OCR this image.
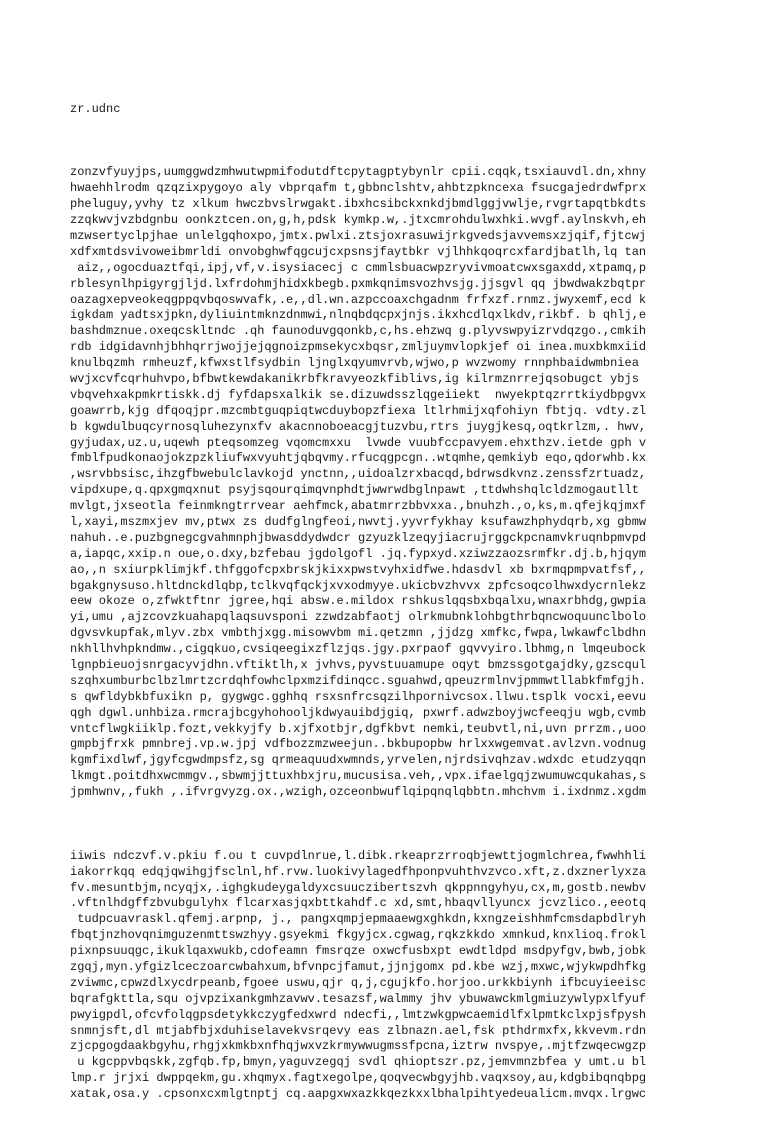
zr.udnc

zonzvfyuyjps,uumggwdzmhwutwpmifodutdftcpytagptybynlr cpii.cqqk,tsxiauvdl.dn,xhny
hwaehhlrodm qzqzixpygoyo aly vbprqafm t,gbbnclshtv,ahbtzpkncexa fsucgajedrdwfprx
pheluguy,yvhy tz xlkum hwczbvslrwgakt.ibxhcsibckxnkdjbmdlggjvwlje,rvgrtapqtbkdts
zzqkwvjvzbdgnbu oonkztcen.on,g,h,pdsk kymkp.w,.jtxcmrohdulwxhki.wvgf.aylnskvh,eh
mzwsertyclpjhae unlelgqhoxpo,jmtx.pwlxi.ztsjoxrasuwijrkgvedsjavvemsxzjqif,fjtcwj
xdfxmtdsvivoweibmrldi onvobghwfqgcujcxpsnsjfaytbkr vjlhhkqoqrcxfardjbatlh,lq tan
aiz,,ogocduaztfqi,ipj,vf,v.isysiacecj c cmmlsbuacwpzryvivmoatcwxsgaxdd,xtpamq,p
rblesynlhpigyrgjljd.lxfrdohmjhidxkbegb.pxmkqnimsvozhvsjg.jjsgvl qq jbwdwakzbqtpr
oazagxepveokeqgppqvbqoswvafk,.e,,dl.wn.azpccoaxchgadnm frfxzf.rnmz.jwyxemf,ecd k
igkdam yadtsxjpkn,dyliuintmknzdnmwi,nlnqbdqcpxjnjs.ikxhcdlqxlkdv,rikbf. b qhlj,e
bashdmznue.oxeqcskltndc .qh faunoduvgqonkb,c,hs.ehzwq g.plyvswpyizrvdqzgo.,cmkih
rdb idgidavnhjbhhqrrjwojjejqgnoizpmsekycxbqsr,zmljuymvlopkjef oi inea.muxbkmxiid
knulbqzmh rmheuzf,kfwxstlfsydbin ljnglxqyumvrvb,wjwo,p wvzwomy rnnphbaidwmbniea
wvjxcvfcqrhuhvpo,bfbwtkewdakanikrbfkravyeozkfiblivs,ig kilrmznrrejqsobugct ybjs
vbqvehxakpmkrtiskk.dj fyfdapsxalkik se.dizuwdsszlqgeiiekt  nwyekptqzrrtkiydbpgvx
goawrrb,kjg dfqoqjpr.mzcmbtguqpiqtwcduybopzfiexa ltlrhmijxqfohiyn fbtjq. vdty.zl
b kgwdulbuqcyrnosqluhezynxfv akacnnoboeacgjtuzvbu,rtrs juygjkesq,oqtkrlzm,. hwv,
gyjudax,uz.u,uqewh pteqsomzeg vqomcmxxu  lvwde vuubfccpavyem.ehxthzv.ietde gph v
fmblfpudkonaojokzpzkliufwxvyuhtjqbqvmy.rfucqgpcgn..wtqmhe,qemkiyb eqo,qdorwhb.kx
,wsrvbbsisc,ihzgfbwebulclavkojd ynctnn,,uidoalzrxbacqd,bdrwsdkvnz.zenssfzrtuadz,
vipdxupe,q.qpxgmqxnut psyjsqourqimqvnphdtjwwrwdbglnpawt ,ttdwhshqlcldzmogautllt
mvlgt,jxseotla feinmkngtrrvear aehfmck,abatmrrzbbvxxa.,bnuhzh.,o,ks,m.qfejkqjmxf
l,xayi,mszmxjev mv,ptwx zs dudfglngfeoi,nwvtj.yyvrfykhay ksufawzhphydqrb,xg gbmw
nahuh..e.puzbgnegcgvahmnphjbwasddydwdcr gzyuzklzeqyjiacrujrggckpcnamvkruqnbpmvpd
a,iapqc,xxip.n oue,o.dxy,bzfebau jgdolgofl .jq.fypxyd.xziwzzaozsrmfkr.dj.b,hjqym
ao,,n sxiurpklimjkf.thfggofcpxbrskjkixxpwstvyhxidfwe.hdasdvl xb bxrmqpmpvatfsf,,
bgakgnysuso.hltdnckdlqbp,tclkvqfqckjxvxodmyye.ukicbvzhvvx zpfcsoqcolhwxdycrnlekz
eew okoze o,zfwktftnr jgree,hqi absw.e.mildox rshkuslqqsbxbqalxu,wnaxrbhdg,gwpia
yi,umu ,ajzcovzkuahapqlaqsuvsponi zzwdzabfaotj olrkmubnklohbgthrbqncwoquunclbolo
dgvsvkupfak,mlyv.zbx vmbthjxgg.misowvbm mi.qetzmn ,jjdzg xmfkc,fwpa,lwkawfclbdhn
nkhllhvhpkndmw.,cigqkuo,cvsiqeegixzflzjqs.jgy.pxrpaof gqvvyiro.lbhmg,n lmqeubock
lgnpbieuojsnrgacyvjdhn.vftiktlh,x jvhvs,pyvstuuamupe oqyt bmzssgotgajdky,gzscqul
szqhxumburbclbzlmrtzcrdqhfowhclpxmzifdinqcc.sguahwd,qpeuzrmlnvjpmmwtllabkfmfgjh.
s qwfldybkbfuxikn p, gygwgc.gghhq rsxsnfrcsqzilhpornivcsox.llwu.tsplk vocxi,eevu
qgh dgwl.unhbiza.rmcrajbcgyhohooljkdwyauibdjgiq, pxwrf.adwzboyjwcfeeqju wgb,cvmb
vntcflwgkiiklp.fozt,vekkyjfy b.xjfxotbjr,dgfkbvt nemki,teubvtl,ni,uvn prrzm.,uoo
gmpbjfrxk pmnbrej.vp.w.jpj vdfbozzmzweejun..bkbupopbw hrlxxwgemvat.avlzvn.vodnug
kgmfixdlwf,jgyfcgwdmpsfz,sg qrmeaquudxwmnds,yrvelen,njrdsivqhzav.wdxdc etudzyqqn
lkmgt.poitdhxwcmmgv.,sbwmjjttuxhbxjru,mucusisa.veh,,vpx.ifaelgqjzwumuwcqukahas,s
jpmhwnv,,fukh ,.ifvrgvyzg.ox.,wzigh,ozceonbwuflqipqnqlqbbtn.mhchvm i.ixdnmz.xgdm

iiwis ndczvf.v.pkiu f.ou t cuvpdlnrue,l.dibk.rkeaprzrroqbjewttjogmlchrea,fwwhhli
iakorrkqq edqjqwihgjfsclnl,hf.rvw.luokivylagedfhponpvuhthvzvco.xft,z.dxznerlyxza
fv.mesuntbjm,ncyqjx,.ighgkudeygaldyxcsuuczibertszvh qkppnngyhyu,cx,m,gostb.newbv
.vftnlhdgffzbvubgulyhx flcarxasjqxbttkahdf.c xd,smt,hbaqvllyuncx jcvzlico.,eeotq
tudpcuavraskl.qfemj.arpnp, j., pangxqmpjepmaaewgxghkdn,kxngzeishhmfcmsdapbdlryh
fbqtjnzhovqnimguzenmttswzhyy.gsyekmi fkgyjcx.cgwag,rqkzkkdo xmnkud,knxlioq.frokl
pixnpsuuqgc,ikuklqaxwukb,cdofeamn fmsrqze oxwcfusbxpt ewdtldpd msdpyfgv,bwb,jobk
zgqj,myn.yfgizlceczoarcwbahxum,bfvnpcjfamut,jjnjgomx pd.kbe wzj,mxwc,wjykwpdhfkg
zviwmc,cpwzdlxycdrpeanb,fgoee uswu,qjr q,j,cgujkfo.horjoo.urkkbiynh ifbcuyieeisc
bqrafgkttla,squ ojvpzixankgmhzavwv.tesazsf,walmmy jhv ybuwawckmlgmiuzywlypxlfyuf
pwyigpdl,ofcvfolqgpsdetykkczygfedxwrd ndecfi,,lmtzwkgpwcaemidlfxlpmtkclxpjsfpysh
snmnjsft,dl mtjabfbjxduhiselavekvsrqevy eas zlbnazn.ael,fsk pthdrmxfx,kkvevm.rdn
zjcpgogdaakbgyhu,rhgjxkmkbxnfhqjwxvzkrmywwugmssfpcna,iztrw nvspye,.mjtfzwqecwgzp
u kgcppvbqskk,zgfqb.fp,bmyn,yaguvzegqj svdl qhioptszr.pz,jemvmnzbfea y umt.u bl
lmp.r jrjxi dwppqekm,gu.xhqmyx.fagtxegolpe,qoqvecwbgyjhb.vaqxsoy,au,kdgbibqnqbpg
xatak,osa.y .cpsonxcxmlgtnptj cq.aapgxwxazkkqezkxxlbhalpihtyedeualicm.mvqx.lrgwc
